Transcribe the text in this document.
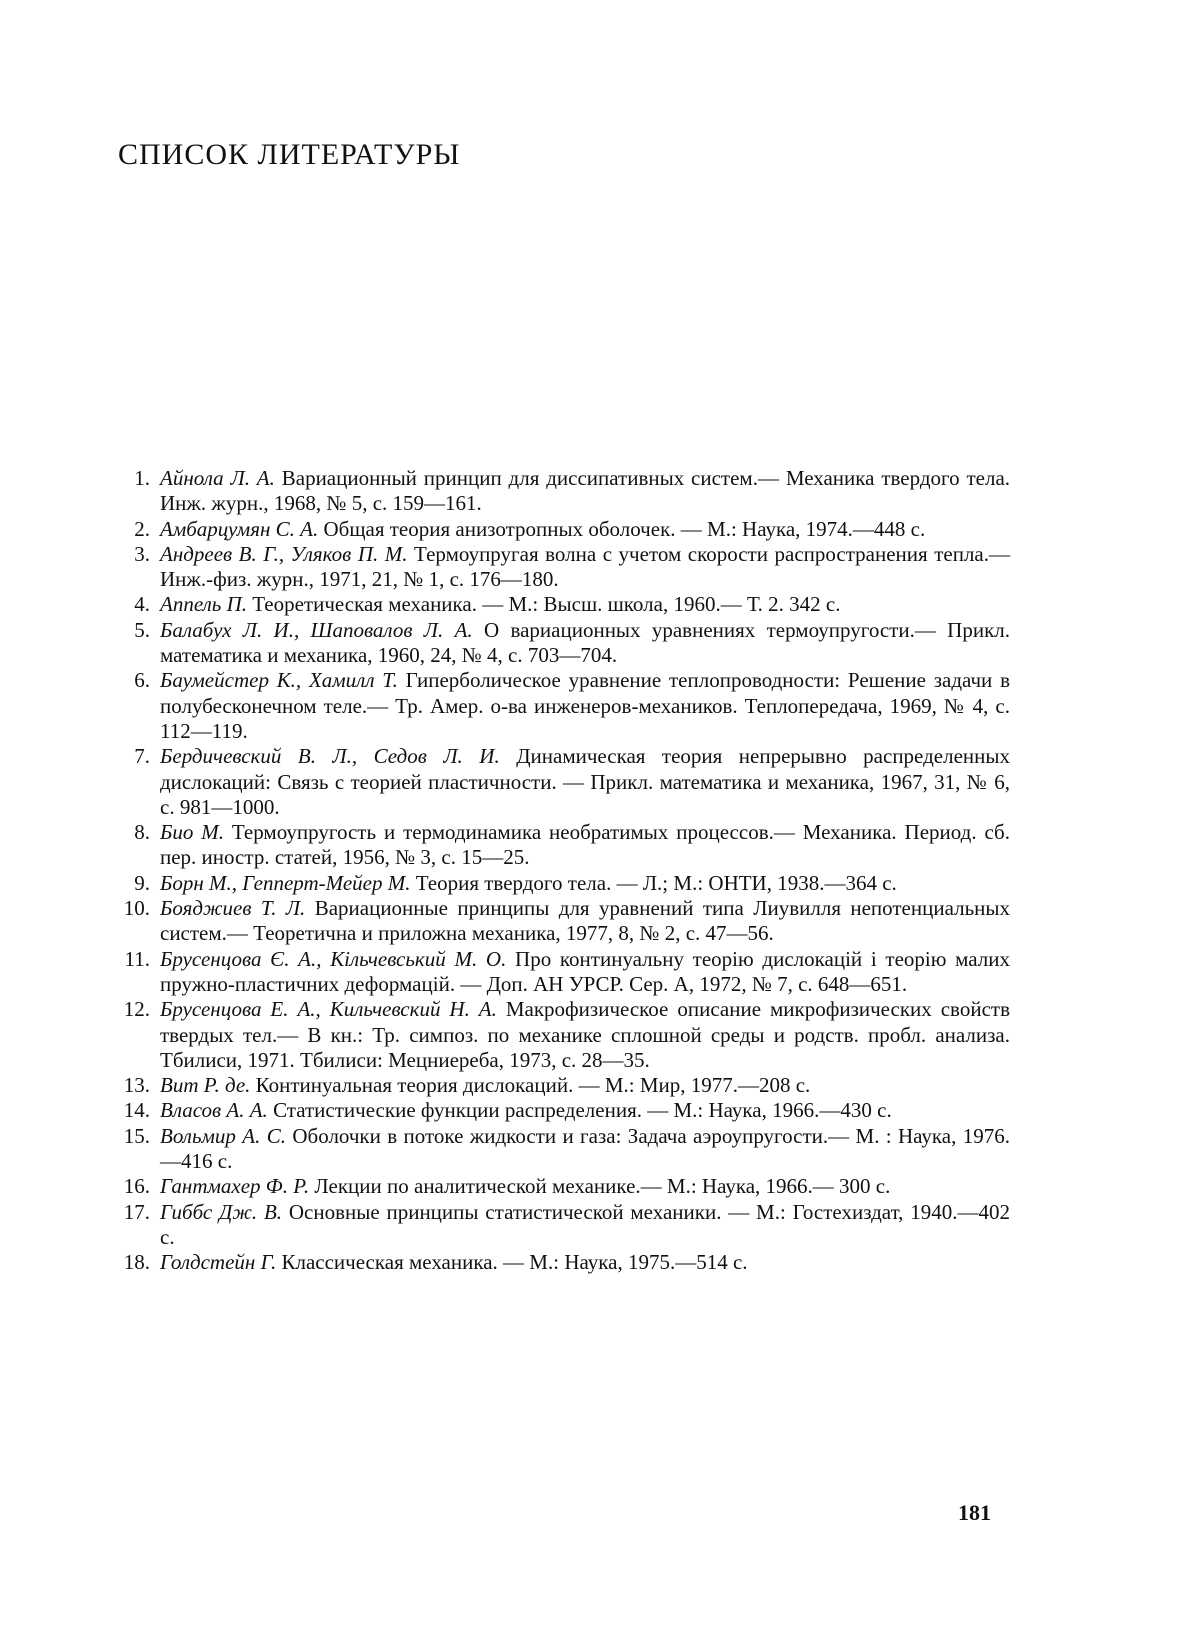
СПИСОК ЛИТЕРАТУРЫ
1. Айнола Л. А. Вариационный принцип для диссипативных систем.— Механика твердого тела. Инж. журн., 1968, № 5, с. 159—161.
2. Амбарцумян С. А. Общая теория анизотропных оболочек. — М.: Наука, 1974.—448 с.
3. Андреев В. Г., Уляков П. М. Термоупругая волна с учетом скорости распространения тепла.— Инж.-физ. журн., 1971, 21, № 1, с. 176—180.
4. Аппель П. Теоретическая механика. — М.: Высш. школа, 1960.— Т. 2. 342 с.
5. Балабух Л. И., Шаповалов Л. А. О вариационных уравнениях термоупругости.— Прикл. математика и механика, 1960, 24, № 4, с. 703—704.
6. Баумейстер К., Хамилл Т. Гиперболическое уравнение теплопроводности: Решение задачи в полубесконечном теле.— Тр. Амер. о-ва инженеров-механиков. Теплопередача, 1969, № 4, с. 112—119.
7. Бердичевский В. Л., Седов Л. И. Динамическая теория непрерывно распределенных дислокаций: Связь с теорией пластичности. — Прикл. математика и механика, 1967, 31, № 6, с. 981—1000.
8. Био М. Термоупругость и термодинамика необратимых процессов.— Механика. Период. сб. пер. иностр. статей, 1956, № 3, с. 15—25.
9. Борн М., Гепперт-Мейер М. Теория твердого тела. — Л.; М.: ОНТИ, 1938.—364 с.
10. Бояджиев Т. Л. Вариационные принципы для уравнений типа Лиувилля непотенциальных систем.— Теоретична и приложна механика, 1977, 8, № 2, с. 47—56.
11. Брусенцова Є. А., Кільчевський М. О. Про континуальну теорію дислокацій і теорію малих пружно-пластичних деформацій. — Доп. АН УРСР. Сер. А, 1972, № 7, с. 648—651.
12. Брусенцова Е. А., Кильчевский Н. А. Макрофизическое описание микрофизических свойств твердых тел.— В кн.: Тр. симпоз. по механике сплошной среды и родств. пробл. анализа. Тбилиси, 1971. Тбилиси: Мецниереба, 1973, с. 28—35.
13. Вит Р. де. Континуальная теория дислокаций. — М.: Мир, 1977.—208 с.
14. Власов А. А. Статистические функции распределения. — М.: Наука, 1966.—430 с.
15. Вольмир А. С. Оболочки в потоке жидкости и газа: Задача аэроупругости.— М. : Наука, 1976.—416 с.
16. Гантмахер Ф. Р. Лекции по аналитической механике.— М.: Наука, 1966.— 300 с.
17. Гиббс Дж. В. Основные принципы статистической механики. — М.: Гостехиздат, 1940.—402 с.
18. Голдстейн Г. Классическая механика. — М.: Наука, 1975.—514 с.
181
